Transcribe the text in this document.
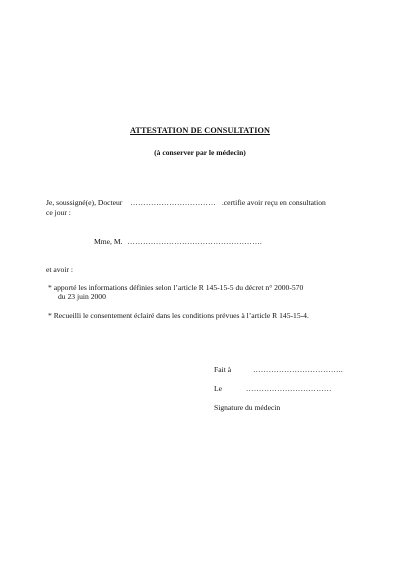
ATTESTATION DE CONSULTATION
(à conserver par le médecin)
Je, soussigné(e), Docteur …………………………… .certifie avoir reçu en consultation
ce jour :
Mme, M. …………………………………………….
et avoir :
* apporté les informations définies selon l’article R 145-15-5 du décret n° 2000-570
du 23 juin 2000
* Recueilli le consentement éclairé dans les conditions prévues à l’article R 145-15-4.
Fait à	……………………………..
Le	……………………………
Signature du médecin
